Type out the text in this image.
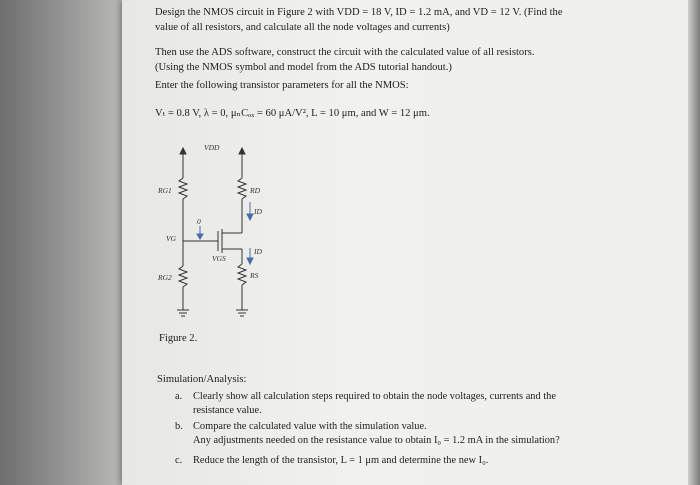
Design the NMOS circuit in Figure 2 with VDD = 18 V, ID = 1.2 mA, and VD = 12 V. (Find the
value of all resistors, and calculate all the node voltages and currents)
Then use the ADS software, construct the circuit with the calculated value of all resistors.
(Using the NMOS symbol and model from the ADS tutorial handout.)
Enter the following transistor parameters for all the NMOS:
Vₜ = 0.8 V, λ = 0, μₙCₒₓ = 60 μA/V², L = 10 μm, and W = 12 μm.
VDD
RG1
RG2
RD
RS
VG
VGS
ID
ID
0
Figure 2.
Simulation/Analysis:
a. Clearly show all calculation steps required to obtain the node voltages, currents and the
resistance value.
b. Compare the calculated value with the simulation value.
Any adjustments needed on the resistance value to obtain I₀ = 1.2 mA in the simulation?
c. Reduce the length of the transistor, L = 1 μm and determine the new I₀.
